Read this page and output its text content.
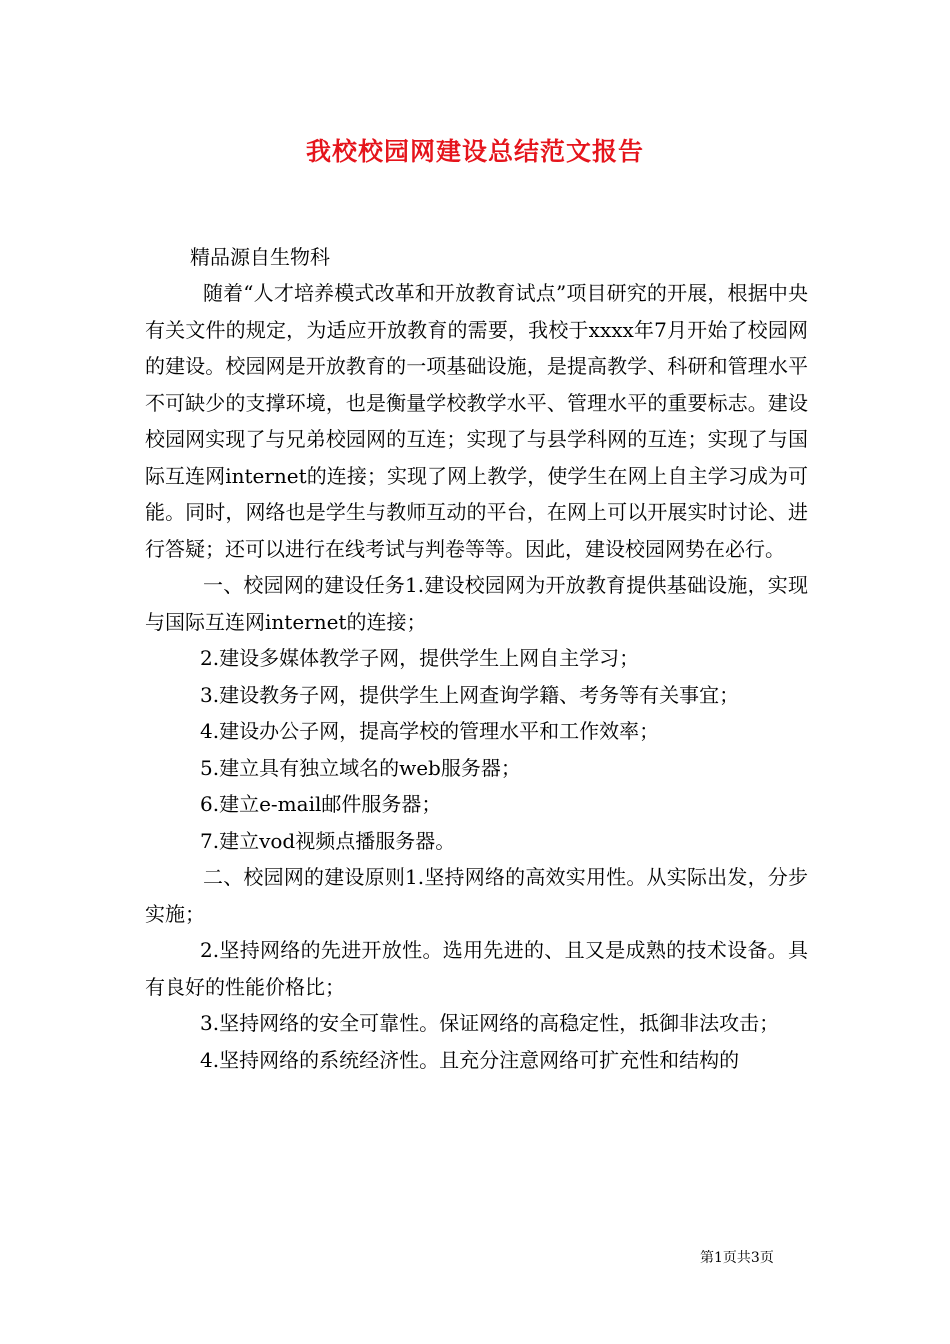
我校校园网建设总结范文报告
精品源自生物科

随着“人才培养模式改革和开放教育试点”项目研究的开展，根据中央有关文件的规定，为适应开放教育的需要，我校于xxxx年7月开始了校园网的建设。校园网是开放教育的一项基础设施，是提高教学、科研和管理水平不可缺少的支撑环境，也是衡量学校教学水平、管理水平的重要标志。建设校园网实现了与兄弟校园网的互连；实现了与县学科网的互连；实现了与国际互连网internet的连接；实现了网上教学，使学生在网上自主学习成为可能。同时，网络也是学生与教师互动的平台，在网上可以开展实时讨论、进行答疑；还可以进行在线考试与判卷等等。因此，建设校园网势在必行。

一、校园网的建设任务1.建设校园网为开放教育提供基础设施，实现与国际互连网internet的连接；

2.建设多媒体教学子网，提供学生上网自主学习；

3.建设教务子网，提供学生上网查询学籍、考务等有关事宜；

4.建设办公子网，提高学校的管理水平和工作效率；

5.建立具有独立域名的web服务器；

6.建立e-mail邮件服务器；

7.建立vod视频点播服务器。

二、校园网的建设原则1.坚持网络的高效实用性。从实际出发，分步实施；

2.坚持网络的先进开放性。选用先进的、且又是成熟的技术设备。具有良好的性能价格比；

3.坚持网络的安全可靠性。保证网络的高稳定性，抵御非法攻击；

4.坚持网络的系统经济性。且充分注意网络可扩充性和结构的

第1页共3页
